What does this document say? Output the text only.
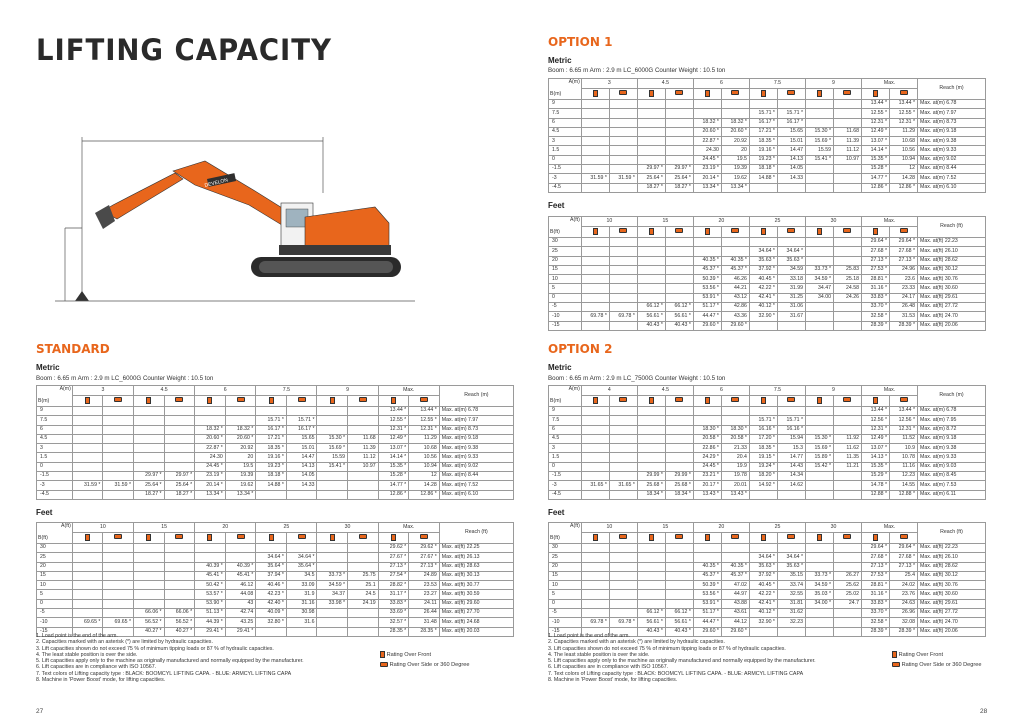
LIFTING CAPACITY
DEVELON
STANDARD
Metric
Boom : 6.65 m Arm : 2.9 m LC_6000G Counter Weight : 10.5 ton
A(m)
B(m)	3		4.5		6		7.5		9		Max.		Reach (m)

9											13.44 *	13.44 *	Max. at(m) 6.78
7.5							15.71 *	15.71 *			12.55 *	12.55 *	Max. at(m) 7.97
6					18.32 *	18.32 *	16.17 *	16.17 *			12.31 *	12.31 *	Max. at(m) 8.73
4.5					20.60 *	20.60 *	17.21 *	15.65	15.30 *	11.68	12.49 *	11.29	Max. at(m) 9.18
3					22.87 *	20.92	18.35 *	15.01	15.69 *	11.39	13.07 *	10.68	Max. at(m) 9.38
1.5					24.30	20	19.16 *	14.47	15.59	11.12	14.14 *	10.56	Max. at(m) 9.33
0					24.45 *	19.5	19.23 *	14.13	15.41 *	10.97	15.35 *	10.94	Max. at(m) 9.02
-1.5			29.97 *	29.97 *	23.19 *	19.39	18.18 *	14.05			15.28 *	12	Max. at(m) 8.44
-3	31.59 *	31.59 *	25.64 *	25.64 *	20.14 *	19.62	14.88 *	14.33			14.77 *	14.28	Max. at(m) 7.52
-4.5			18.27 *	18.27 *	13.34 *	13.34 *					12.86 *	12.86 *	Max. at(m) 6.10
Feet
A(ft)
B(ft)	10		15		20		25		30		Max.		Reach (ft)

30											29.62 *	29.62 *	Max. at(ft) 22.25
25							34.64 *	34.64 *			27.67 *	27.67 *	Max. at(ft) 26.13
20					40.39 *	40.39 *	35.64 *	35.64 *			27.13 *	27.13 *	Max. at(ft) 28.63
15					45.41 *	45.41 *	37.94 *	34.5	33.73 *	25.75	27.54 *	24.89	Max. at(ft) 30.13
10					50.42 *	46.12	40.46 *	33.09	34.59 *	25.1	28.82 *	23.53	Max. at(ft) 30.77
5					53.57 *	44.08	42.23 *	31.9	34.37	24.5	31.17 *	23.27	Max. at(ft) 30.59
0					53.90 *	43	42.40 *	31.16	33.98 *	24.19	33.83 *	24.11	Max. at(ft) 29.60
-5			66.06 *	66.06 *	51.13 *	42.74	40.09 *	30.98			33.69 *	26.44	Max. at(ft) 27.70
-10	69.65 *	69.65 *	56.52 *	56.52 *	44.39 *	43.25	32.80 *	31.6			32.57 *	31.48	Max. at(ft) 24.68
-15			40.27 *	40.27 *	29.41 *	29.41 *					28.35 *	28.35 *	Max. at(ft) 20.03
OPTION 1
Metric
Boom : 6.65 m Arm : 2.9 m LC_6000G Counter Weight : 10.5 ton
A(m)
B(m)	3		4.5		6		7.5		9		Max.		Reach (m)

9											13.44 *	13.44 *	Max. at(m) 6.78
7.5							15.71 *	15.71 *			12.55 *	12.55 *	Max. at(m) 7.97
6					18.32 *	18.32 *	16.17 *	16.17 *			12.31 *	12.31 *	Max. at(m) 8.73
4.5					20.60 *	20.60 *	17.21 *	15.65	15.30 *	11.68	12.49 *	11.29	Max. at(m) 9.18
3					22.87 *	20.92	18.35 *	15.01	15.69 *	11.39	13.07 *	10.68	Max. at(m) 9.38
1.5					24.30	20	19.16 *	14.47	15.59	11.12	14.14 *	10.56	Max. at(m) 9.33
0					24.45 *	19.5	19.23 *	14.13	15.41 *	10.97	15.35 *	10.94	Max. at(m) 9.02
-1.5			29.97 *	29.97 *	23.19 *	19.39	18.18 *	14.05			15.28 *	12	Max. at(m) 8.44
-3	31.59 *	31.59 *	25.64 *	25.64 *	20.14 *	19.62	14.88 *	14.33			14.77 *	14.28	Max. at(m) 7.52
-4.5			18.27 *	18.27 *	13.34 *	13.34 *					12.86 *	12.86 *	Max. at(m) 6.10
Feet
A(ft)
B(ft)	10		15		20		25		30		Max.		Reach (ft)

30											29.64 *	29.64 *	Max. at(ft) 22.23
25							34.64 *	34.64 *			27.68 *	27.68 *	Max. at(ft) 26.10
20					40.35 *	40.35 *	35.63 *	35.63 *			27.13 *	27.13 *	Max. at(ft) 28.62
15					45.37 *	45.37 *	37.92 *	34.59	33.73 *	25.83	27.53 *	24.96	Max. at(ft) 30.12
10					50.39 *	46.26	40.45 *	33.18	34.59 *	25.18	28.81 *	23.6	Max. at(ft) 30.76
5					53.56 *	44.21	42.22 *	31.99	34.47	24.58	31.16 *	23.33	Max. at(ft) 30.60
0					53.91 *	43.12	42.41 *	31.25	34.00	24.26	33.83 *	24.17	Max. at(ft) 29.61
-5			66.12 *	66.12 *	51.17 *	42.86	40.12 *	31.06			33.70 *	26.48	Max. at(ft) 27.72
-10	69.78 *	69.78 *	56.61 *	56.61 *	44.47 *	43.36	32.90 *	31.67			32.58 *	31.53	Max. at(ft) 24.70
-15			40.43 *	40.43 *	29.60 *	29.60 *					28.39 *	28.39 *	Max. at(ft) 20.06
OPTION 2
Metric
Boom : 6.65 m Arm : 2.9 m LC_7500G Counter Weight : 10.5 ton
A(m)
B(m)	4		4.5		6		7.5		9		Max.		Reach (m)

9											13.44 *	13.44 *	Max. at(m) 6.78
7.5							15.71 *	15.71 *			12.56 *	12.56 *	Max. at(m) 7.95
6					18.30 *	18.30 *	16.16 *	16.16 *			12.31 *	12.31 *	Max. at(m) 8.72
4.5					20.58 *	20.58 *	17.20 *	15.94	15.30 *	11.92	12.49 *	11.52	Max. at(m) 9.18
3					22.86 *	21.33	18.35 *	15.3	15.69 *	11.62	13.07 *	10.9	Max. at(m) 9.38
1.5					24.29 *	20.4	19.15 *	14.77	15.89 *	11.35	14.13 *	10.78	Max. at(m) 9.33
0					24.45 *	19.9	19.24 *	14.43	15.42 *	11.21	15.35 *	11.16	Max. at(m) 9.03
-1.5			29.99 *	29.99 *	23.21 *	19.78	18.20 *	14.34			15.29 *	12.23	Max. at(m) 8.45
-3	31.65 *	31.65 *	25.68 *	25.68 *	20.17 *	20.01	14.92 *	14.62			14.78 *	14.55	Max. at(m) 7.53
-4.5			18.34 *	18.34 *	13.43 *	13.43 *					12.88 *	12.88 *	Max. at(m) 6.11
Feet
A(ft)
B(ft)	10		15		20		25		30		Max.		Reach (ft)

30											29.64 *	29.64 *	Max. at(ft) 22.23
25							34.64 *	34.64 *			27.68 *	27.68 *	Max. at(ft) 26.10
20					40.35 *	40.35 *	35.63 *	35.63 *			27.13 *	27.13 *	Max. at(ft) 28.62
15					45.37 *	45.37 *	37.92 *	35.15	33.73 *	26.27	27.53 *	25.4	Max. at(ft) 30.12
10					50.39 *	47.02	40.45 *	33.74	34.59 *	25.62	28.81 *	24.02	Max. at(ft) 30.76
5					53.56 *	44.97	42.22 *	32.55	35.03 *	25.02	31.16 *	23.76	Max. at(ft) 30.60
0					53.91 *	43.88	42.41 *	31.81	34.00 *	24.7	33.83 *	24.63	Max. at(ft) 29.61
-5			66.12 *	66.12 *	51.17 *	43.61	40.12 *	31.62			33.70 *	26.96	Max. at(ft) 27.72
-10	69.78 *	69.78 *	56.61 *	56.61 *	44.47 *	44.12	32.90 *	32.23			32.58 *	32.08	Max. at(ft) 24.70
-15			40.43 *	40.43 *	29.60 *	29.60 *					28.39 *	28.39 *	Max. at(ft) 20.06
1. Load point is the end of the arm.
2. Capacities marked with an asterisk (*) are limited by hydraulic capacities.
3. Lift capacities shown do not exceed 75 % of minimum tipping loads or 87 % of hydraulic capacities.
4. The least stable position is over the side.
5. Lift capacities apply only to the machine as originally manufactured and normally equipped by the manufacturer.
6. Lift capacities are in compliance with ISO 10567.
7. Text colors of Lifting capacity type : BLACK: BOOMCYL LIFTING CAPA. - BLUE: ARMCYL LIFTING CAPA
8. Machine in 'Power Boost' mode, for lifting capacities.
Rating Over Front
Rating Over Side or 360 Degree
1. Load point is the end of the arm.
2. Capacities marked with an asterisk (*) are limited by hydraulic capacities.
3. Lift capacities shown do not exceed 75 % of minimum tipping loads or 87 % of hydraulic capacities.
4. The least stable position is over the side.
5. Lift capacities apply only to the machine as originally manufactured and normally equipped by the manufacturer.
6. Lift capacities are in compliance with ISO 10567.
7. Text colors of Lifting capacity type : BLACK: BOOMCYL LIFTING CAPA. - BLUE: ARMCYL LIFTING CAPA
8. Machine in 'Power Boost' mode, for lifting capacities.
Rating Over Front
Rating Over Side or 360 Degree
27	28
